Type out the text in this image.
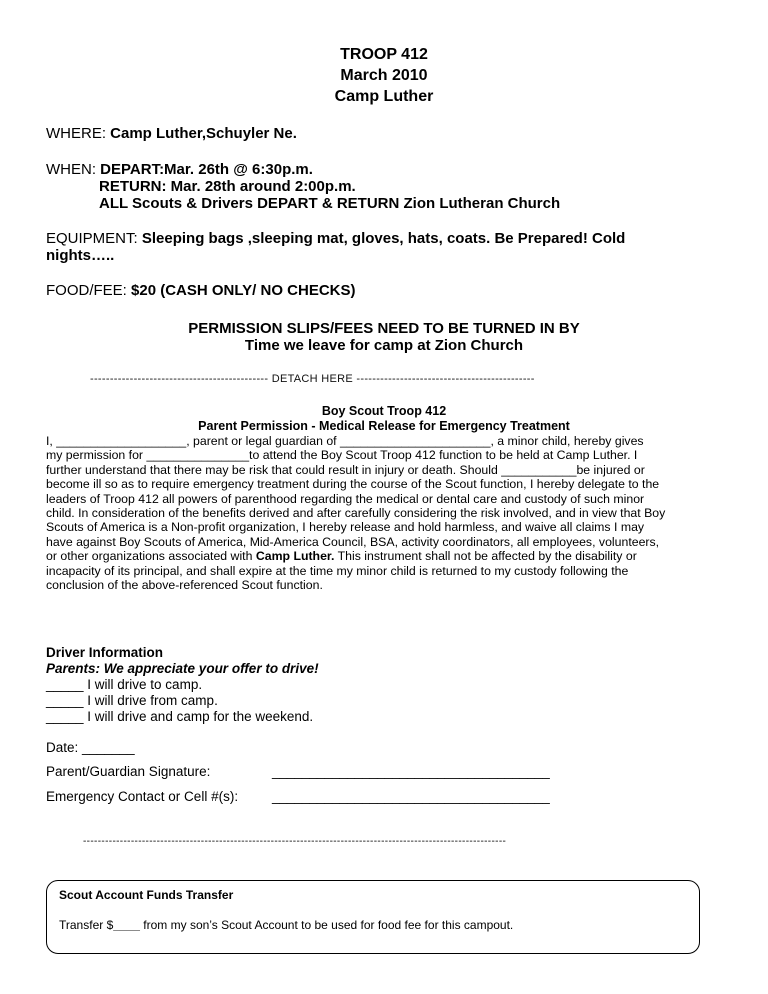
TROOP 412
March 2010
Camp Luther
WHERE: Camp Luther,Schuyler Ne.
WHEN: DEPART:Mar. 26th @ 6:30p.m.
RETURN: Mar. 28th around 2:00p.m.
ALL Scouts & Drivers DEPART & RETURN Zion Lutheran Church
EQUIPMENT: Sleeping bags ,sleeping mat, gloves, hats, coats. Be Prepared! Cold
nights…..
FOOD/FEE: $20 (CASH ONLY/ NO CHECKS)
PERMISSION SLIPS/FEES NEED TO BE TURNED IN BY
Time we leave for camp at Zion Church
--------------------------------------------- DETACH HERE ---------------------------------------------
Boy Scout Troop 412
Parent Permission - Medical Release for Emergency Treatment
I, ___________________, parent or legal guardian of ______________________, a minor child, hereby gives
my permission for _______________to attend the Boy Scout Troop 412 function to be held at Camp Luther. I
further understand that there may be risk that could result in injury or death. Should ___________be injured or
become ill so as to require emergency treatment during the course of the Scout function, I hereby delegate to the
leaders of Troop 412 all powers of parenthood regarding the medical or dental care and custody of such minor
child. In consideration of the benefits derived and after carefully considering the risk involved, and in view that Boy
Scouts of America is a Non-profit organization, I hereby release and hold harmless, and waive all claims I may
have against Boy Scouts of America, Mid-America Council, BSA, activity coordinators, all employees, volunteers,
or other organizations associated with Camp Luther. This instrument shall not be affected by the disability or
incapacity of its principal, and shall expire at the time my minor child is returned to my custody following the
conclusion of the above-referenced Scout function.
Driver Information
Parents: We appreciate your offer to drive!
_____ I will drive to camp.
_____ I will drive from camp.
_____ I will drive and camp for the weekend.
Date: _______
Parent/Guardian Signature:	_____________________________________
Emergency Contact or Cell #(s):	_____________________________________
-------------------------------------------------------------------------------------------------------------------
Scout Account Funds Transfer
Transfer $____ from my son’s Scout Account to be used for food fee for this campout.
